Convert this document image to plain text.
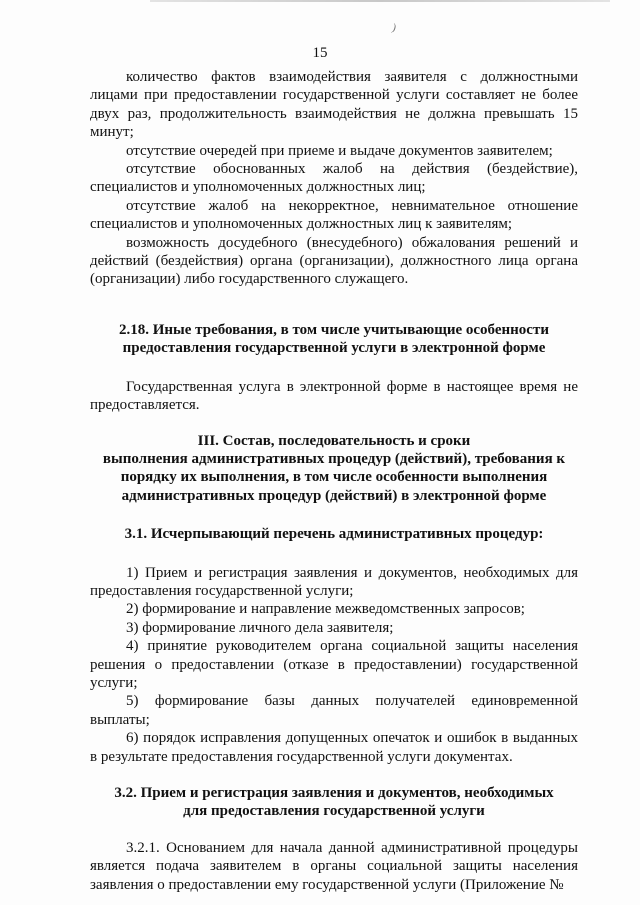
)
15

количество фактов взаимодействия заявителя с должностными лицами при предоставлении государственной услуги составляет не более двух раз, продолжительность взаимодействия не должна превышать 15 минут;

отсутствие очередей при приеме и выдаче документов заявителем;

отсутствие обоснованных жалоб на действия (бездействие), специалистов и уполномоченных должностных лиц;

отсутствие жалоб на некорректное, невнимательное отношение специалистов и уполномоченных должностных лиц к заявителям;

возможность досудебного (внесудебного) обжалования решений и действий (бездействия) органа (организации), должностного лица органа (организации) либо государственного служащего.

2.18. Иные требования, в том числе учитывающие особенности

предоставления государственной услуги в электронной форме

Государственная услуга в электронной форме в настоящее время не предоставляется.

III. Состав, последовательность и сроки

выполнения административных процедур (действий), требования к

порядку их выполнения, в том числе особенности выполнения

административных процедур (действий) в электронной форме

3.1. Исчерпывающий перечень административных процедур:

1) Прием и регистрация заявления и документов, необходимых для предоставления государственной услуги;

2) формирование и направление межведомственных запросов;

3) формирование личного дела заявителя;

4) принятие руководителем органа социальной защиты населения решения о предоставлении (отказе в предоставлении) государственной услуги;

5) формирование базы данных получателей единовременной выплаты;

6) порядок исправления допущенных опечаток и ошибок в выданных в результате предоставления государственной услуги документах.

3.2. Прием и регистрация заявления и документов, необходимых

для предоставления государственной услуги

3.2.1. Основанием для начала данной административной процедуры является подача заявителем в органы социальной защиты населения заявления о предоставлении ему государственной услуги (Приложение №
